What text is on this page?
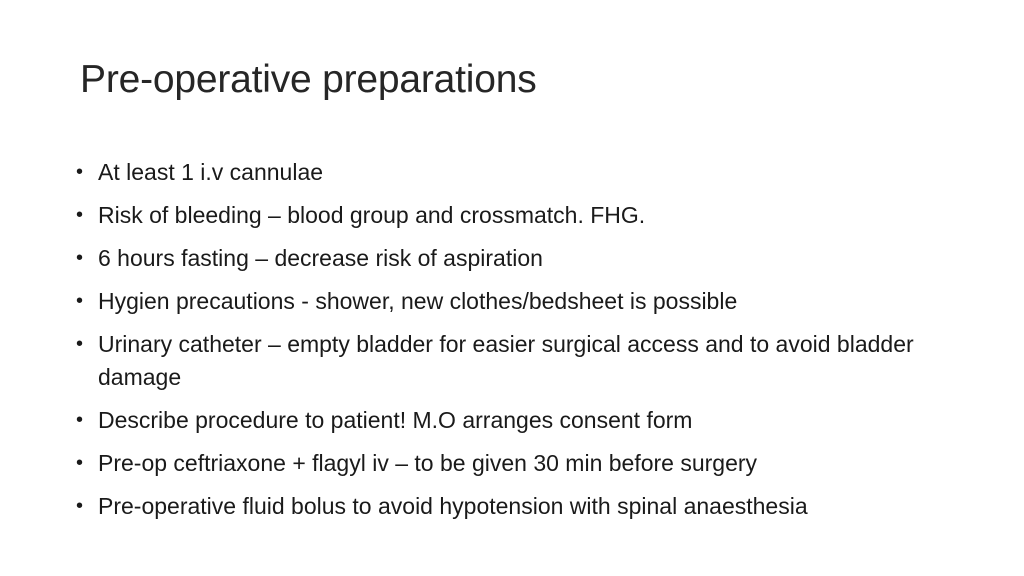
Pre-operative preparations
• At least 1 i.v cannulae
• Risk of bleeding – blood group and crossmatch. FHG.
• 6 hours fasting – decrease risk of aspiration
• Hygien precautions - shower, new clothes/bedsheet is possible
• Urinary catheter – empty bladder for easier surgical access and to avoid bladder damage
• Describe procedure to patient! M.O arranges consent form
• Pre-op ceftriaxone + flagyl iv – to be given 30 min before surgery
• Pre-operative fluid bolus to avoid hypotension with spinal anaesthesia
